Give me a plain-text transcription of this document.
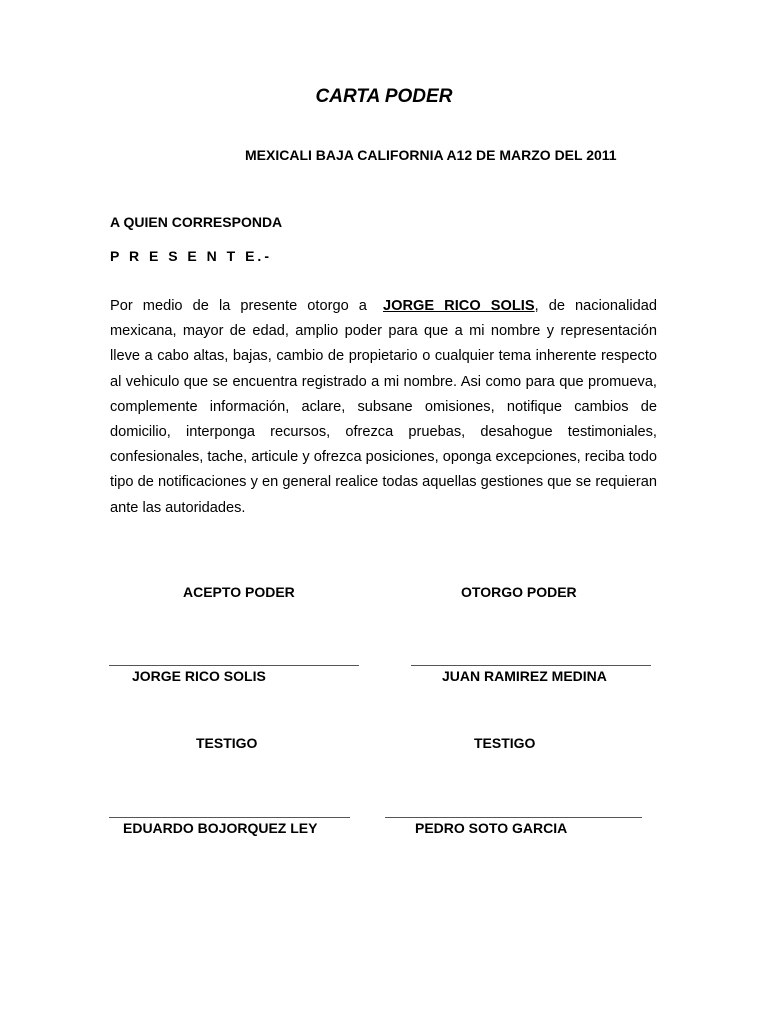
CARTA PODER
MEXICALI BAJA CALIFORNIA A12 DE MARZO DEL 2011
A QUIEN CORRESPONDA
P R E S E N T E.-

Por medio de la presente otorgo a JORGE RICO SOLIS, de nacionalidad mexicana, mayor de edad, amplio poder para que a mi nombre y representación lleve a cabo altas, bajas, cambio de propietario o cualquier tema inherente respecto al vehiculo que se encuentra registrado a mi nombre. Asi como para que promueva, complemente información, aclare, subsane omisiones, notifique cambios de domicilio, interponga recursos, ofrezca pruebas, desahogue testimoniales, confesionales, tache, articule y ofrezca posiciones, oponga excepciones, reciba todo tipo de notificaciones y en general realice todas aquellas gestiones que se requieran ante las autoridades.

ACEPTO PODER	OTORGO PODER
JORGE RICO SOLIS	JUAN RAMIREZ MEDINA
TESTIGO	TESTIGO
EDUARDO BOJORQUEZ LEY	PEDRO SOTO GARCIA
